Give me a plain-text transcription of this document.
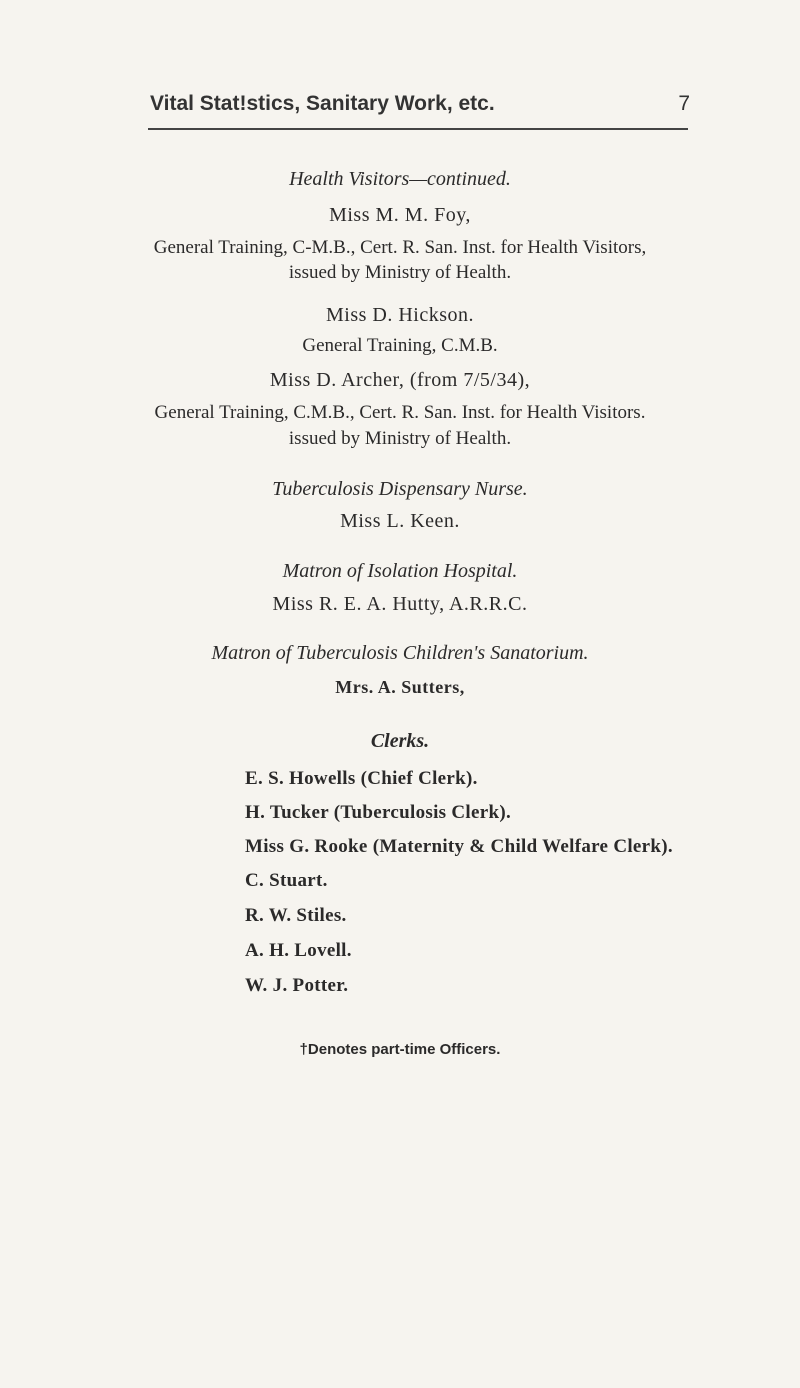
Vital Stat!stics, Sanitary Work, etc.	7
Health Visitors—continued.
Miss M. M. Foy,
General Training, C-M.B., Cert. R. San. Inst. for Health Visitors,
issued by Ministry of Health.
Miss D. Hickson.
General Training, C.M.B.
Miss D. Archer, (from 7/5/34),
General Training, C.M.B., Cert. R. San. Inst. for Health Visitors.
issued by Ministry of Health.
Tuberculosis Dispensary Nurse.
Miss L. Keen.
Matron of Isolation Hospital.
Miss R. E. A. Hutty, A.R.R.C.
Matron of Tuberculosis Children's Sanatorium.
Mrs. A. Sutters,
Clerks.
E. S. Howells (Chief Clerk).
H. Tucker (Tuberculosis Clerk).
Miss G. Rooke (Maternity & Child Welfare Clerk).
C. Stuart.
R. W. Stiles.
A. H. Lovell.
W. J. Potter.
†Denotes part-time Officers.
